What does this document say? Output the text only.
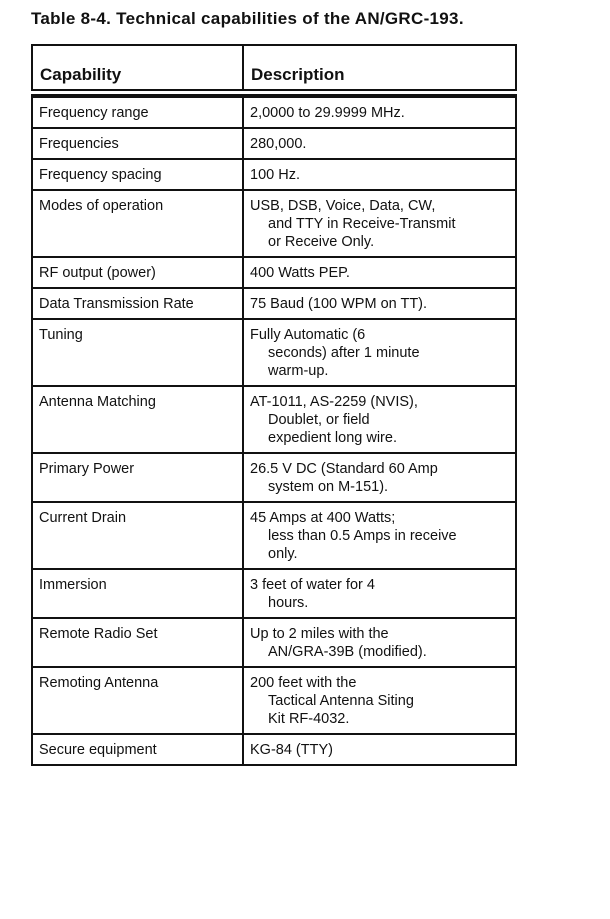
Table 8-4. Technical capabilities of the AN/GRC-193.
Capability	Description

Frequency range	2,0000 to 29.9999 MHz.

Frequencies	280,000.

Frequency spacing	100 Hz.

Modes of operation	USB, DSB, Voice, Data, CW,
and TTY in Receive-Transmit
or Receive Only.

RF output (power)	400 Watts PEP.

Data Transmission Rate	75 Baud (100 WPM on TT).

Tuning	Fully Automatic (6
seconds) after 1 minute
warm-up.

Antenna Matching	AT-1011, AS-2259 (NVIS),
Doublet, or field
expedient long wire.

Primary Power	26.5 V DC (Standard 60 Amp
system on M-151).

Current Drain	45 Amps at 400 Watts;
less than 0.5 Amps in receive
only.

Immersion	3 feet of water for 4
hours.

Remote Radio Set	Up to 2 miles with the
AN/GRA-39B (modified).

Remoting Antenna	200 feet with the
Tactical Antenna Siting
Kit RF-4032.

Secure equipment	KG-84 (TTY)
